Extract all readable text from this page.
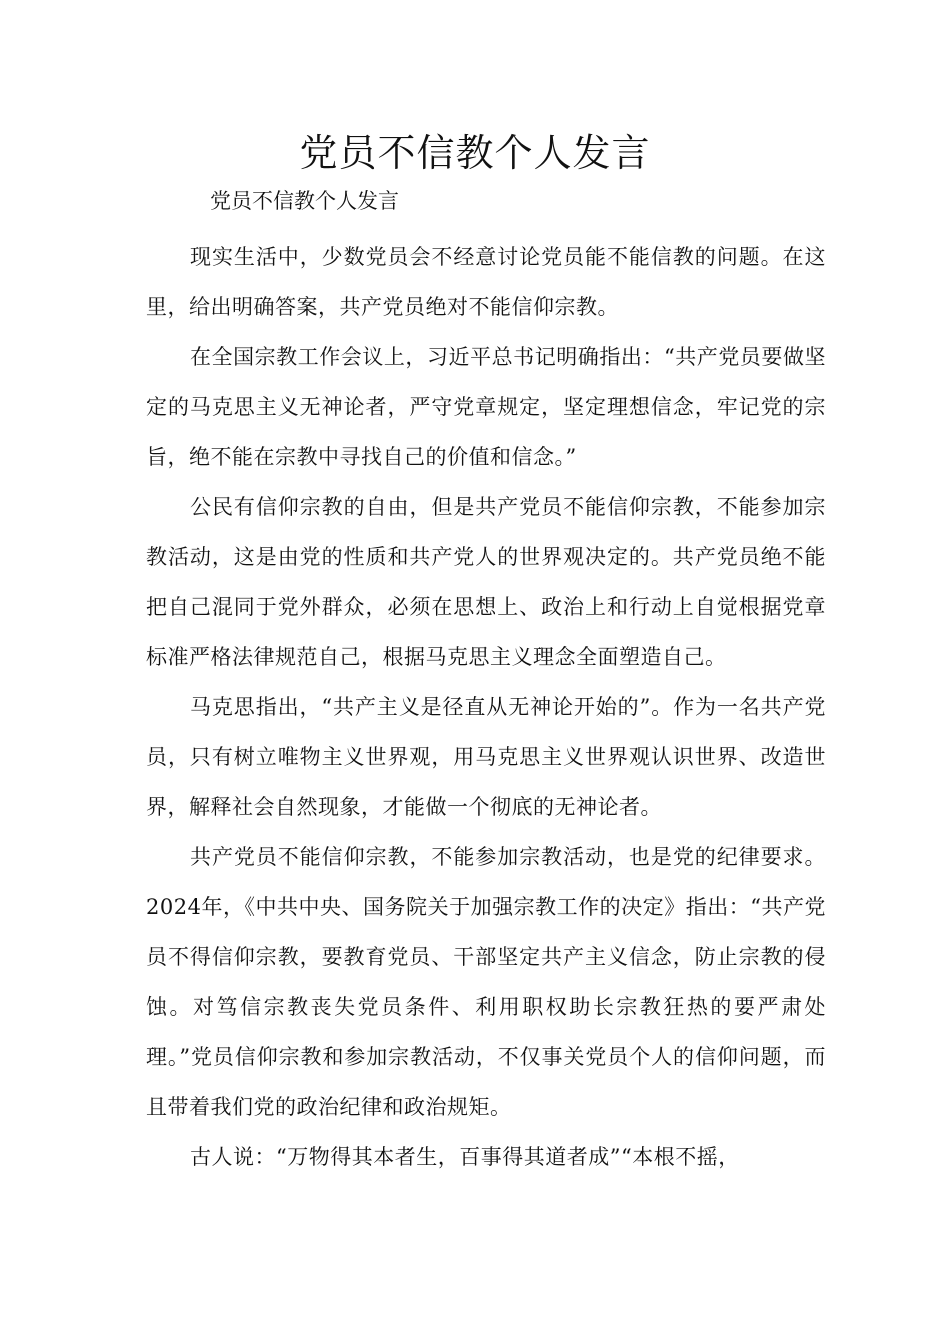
党员不信教个人发言

党员不信教个人发言

现实生活中，少数党员会不经意讨论党员能不能信教的问题。在这里，给出明确答案，共产党员绝对不能信仰宗教。

在全国宗教工作会议上，习近平总书记明确指出：“共产党员要做坚定的马克思主义无神论者，严守党章规定，坚定理想信念，牢记党的宗旨，绝不能在宗教中寻找自己的价值和信念。”

公民有信仰宗教的自由，但是共产党员不能信仰宗教，不能参加宗教活动，这是由党的性质和共产党人的世界观决定的。共产党员绝不能把自己混同于党外群众，必须在思想上、政治上和行动上自觉根据党章标准严格法律规范自己，根据马克思主义理念全面塑造自己。

马克思指出，“共产主义是径直从无神论开始的”。作为一名共产党员，只有树立唯物主义世界观，用马克思主义世界观认识世界、改造世界，解释社会自然现象，才能做一个彻底的无神论者。

共产党员不能信仰宗教，不能参加宗教活动，也是党的纪律要求。2024年，《中共中央、国务院关于加强宗教工作的决定》指出：“共产党员不得信仰宗教，要教育党员、干部坚定共产主义信念，防止宗教的侵蚀。对笃信宗教丧失党员条件、利用职权助长宗教狂热的要严肃处理。”党员信仰宗教和参加宗教活动，不仅事关党员个人的信仰问题，而且带着我们党的政治纪律和政治规矩。

古人说：“万物得其本者生，百事得其道者成”“本根不摇，
